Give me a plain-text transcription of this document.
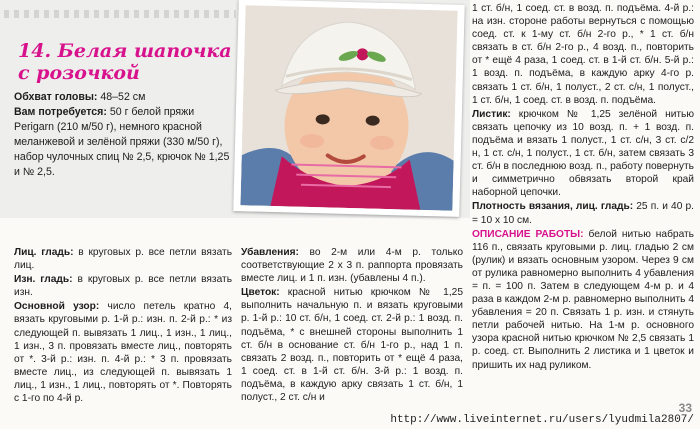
14. Белая шапочка
с розочкой
Обхват головы: 48–52 см
Вам потребуется: 50 г белой пряжи Perigarn (210 м/50 г), немного красной меланжевой и зелёной пряжи (330 м/50 г), набор чулочных спиц № 2,5, крючок № 1,25 и № 2,5.

Лиц. гладь: в круговых р. все петли вязать лиц.

Изн. гладь: в круговых р. все петли вязать изн.

Основной узор: число петель кратно 4, вязать круговыми р. 1-й р.: изн. п. 2-й р.: * из следующей п. вывязать 1 лиц., 1 изн., 1 лиц., 1 изн., 3 п. провязать вместе лиц., повторять от *. 3-й р.: изн. п. 4-й р.: * 3 п. провязать вместе лиц., из следующей п. вывязать 1 лиц., 1 изн., 1 лиц., повторять от *. Повторять с 1-го по 4-й р.

Убавления: во 2-м или 4-м р. только соответствующие 2 х 3 п. раппорта провязать вместе лиц. и 1 п. изн. (убавлены 4 п.).

Цветок: красной нитью крючком № 1,25 выполнить начальную п. и вязать круговыми р. 1-й р.: 10 ст. б/н, 1 соед. ст. 2-й р.: 1 возд. п. подъёма, * с внешней стороны выполнить 1 ст. б/н в основание ст. б/н 1-го р., над 1 п. связать 2 возд. п., повторить от * ещё 4 раза, 1 соед. ст. в 1-й ст. б/н. 3-й р.: 1 возд. п. подъёма, в каждую арку связать 1 ст. б/н, 1 полуст., 2 ст. с/н и

1 ст. б/н, 1 соед. ст. в возд. п. подъёма. 4-й р.: на изн. стороне работы вернуться с помощью соед. ст. к 1-му ст. б/н 2-го р., * 1 ст. б/н связать в ст. б/н 2-го р., 4 возд. п., повторить от * ещё 4 раза, 1 соед. ст. в 1-й ст. б/н. 5-й р.: 1 возд. п. подъёма, в каждую арку 4-го р. связать 1 ст. б/н, 1 полуст., 2 ст. с/н, 1 полуст., 1 ст. б/н, 1 соед. ст. в возд. п. подъёма.

Листик: крючком № 1,25 зелёной нитью связать цепочку из 10 возд. п. + 1 возд. п. подъёма и вязать 1 полуст., 1 ст. с/н, 3 ст. с/2 н, 1 ст. с/н, 1 полуст., 1 ст. б/н, затем связать 3 ст. б/н в последнюю возд. п., работу повернуть и симметрично обвязать второй край наборной цепочки.

Плотность вязания, лиц. гладь: 25 п. и 40 р. = 10 х 10 см.

ОПИСАНИЕ РАБОТЫ: белой нитью набрать 116 п., связать круговыми р. лиц. гладью 2 см (рулик) и вязать основным узором. Через 9 см от рулика равномерно выполнить 4 убавления = п. = 100 п. Затем в следующем 4-м р. и 4 раза в каждом 2-м р. равномерно выполнить 4 убавления = 20 п. Связать 1 р. изн. и стянуть петли рабочей нитью. На 1-м р. основного узора красной нитью крючком № 2,5 связать 1 р. соед. ст. Выполнить 2 листика и 1 цветок и пришить их над руликом.

33
http://www.liveinternet.ru/users/lyudmila2807/
